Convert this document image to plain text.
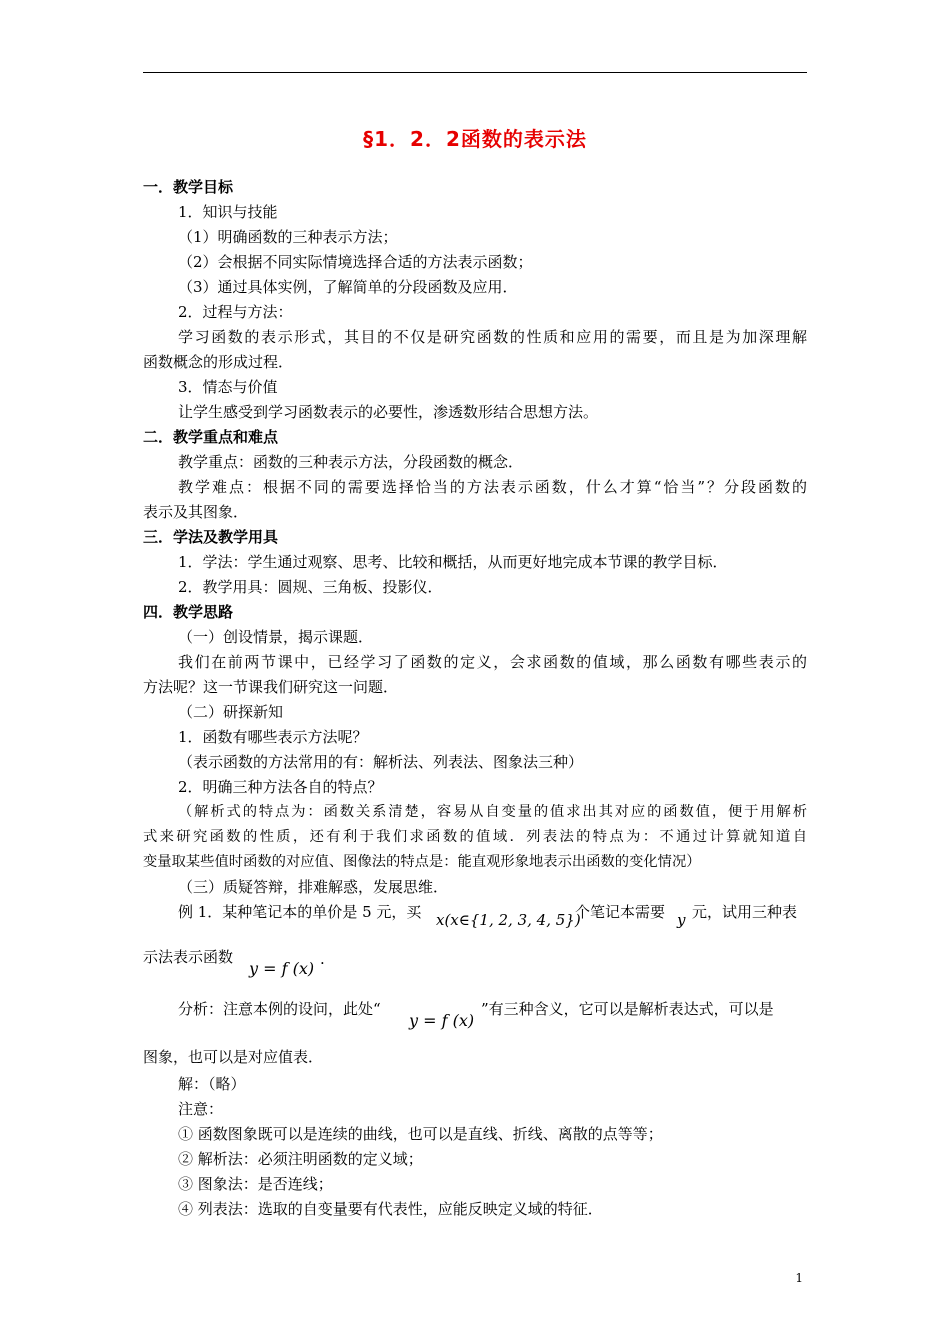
§1．2．2函数的表示法
一．教学目标
1．知识与技能
（1）明确函数的三种表示方法；
（2）会根据不同实际情境选择合适的方法表示函数；
（3）通过具体实例，了解简单的分段函数及应用．
2．过程与方法：
学习函数的表示形式，其目的不仅是研究函数的性质和应用的需要，而且是为加深理解
函数概念的形成过程．
3．情态与价值
让学生感受到学习函数表示的必要性，渗透数形结合思想方法。
二．教学重点和难点
教学重点：函数的三种表示方法，分段函数的概念．
教学难点：根据不同的需要选择恰当的方法表示函数，什么才算“恰当”？分段函数的
表示及其图象．
三．学法及教学用具
1．学法：学生通过观察、思考、比较和概括，从而更好地完成本节课的教学目标．
2．教学用具：圆规、三角板、投影仪．
四．教学思路
（一）创设情景，揭示课题．
我们在前两节课中，已经学习了函数的定义，会求函数的值域，那么函数有哪些表示的
方法呢？这一节课我们研究这一问题．
（二）研探新知
1．函数有哪些表示方法呢？
（表示函数的方法常用的有：解析法、列表法、图象法三种）
2．明确三种方法各自的特点？
（解析式的特点为：函数关系清楚，容易从自变量的值求出其对应的函数值，便于用解析
式来研究函数的性质，还有利于我们求函数的值域．列表法的特点为：不通过计算就知道自
变量取某些值时函数的对应值、图像法的特点是：能直观形象地表示出函数的变化情况）
（三）质疑答辩，排难解惑，发展思维．
例 1．某种笔记本的单价是 5 元，买 x(x∈{1, 2, 3, 4, 5})
个笔记本需要 y 元，试用三种表
示法表示函数
y = f (x) .
分析：注意本例的设问，此处“
y = f (x)
”有三种含义，它可以是解析表达式，可以是
图象，也可以是对应值表．
解：（略）
注意：
① 函数图象既可以是连续的曲线，也可以是直线、折线、离散的点等等；
② 解析法：必须注明函数的定义域；
③ 图象法：是否连线；
④ 列表法：选取的自变量要有代表性，应能反映定义域的特征．
1
